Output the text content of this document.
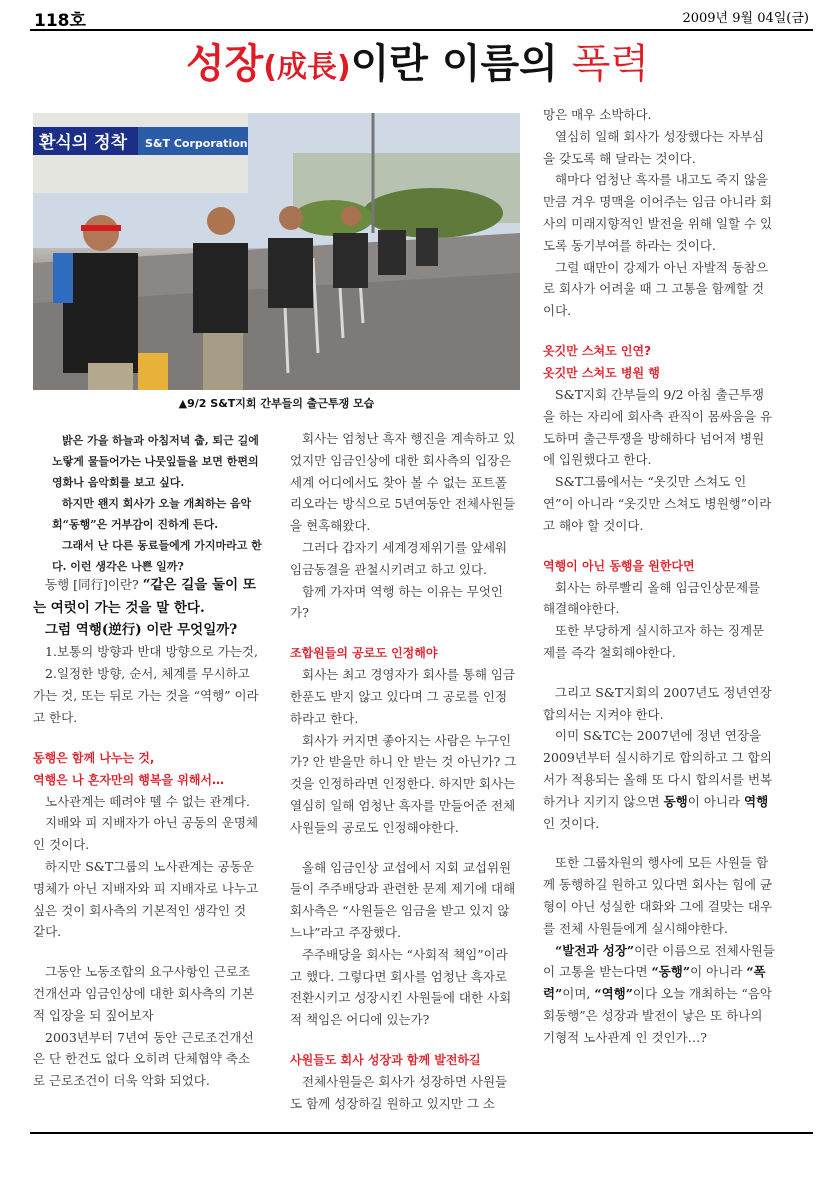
118호	2009년 9월 04일(금)
성장(成長)이란 이름의 폭력
환식의 정착 S&T Corporation
▲9/2 S&T지회 간부들의 출근투쟁 모습

밝은 가을 하늘과 아침저녁 춥, 퇴근 길에 노랗게 물들어가는 나뭇잎들을 보면 한편의 영화나 음악회를 보고 싶다.

하지만 왠지 회사가 오늘 개최하는 음악회“동행”은 거부감이 진하게 든다.

그래서 난 다른 동료들에게 가지마라고 한다. 이런 생각은 나쁜 일까?

동행 [同行]이란? “같은 길을 둘이 또는 여럿이 가는 것을 말 한다.

그럼 역행(逆行) 이란 무엇일까?

1.보통의 방향과 반대 방향으로 가는것,

2.일정한 방향, 순서, 체계를 무시하고 가는 것, 또는 뒤로 가는 것을 “역행” 이라고 한다.

동행은 함께 나누는 것,
역행은 나 혼자만의 행복을 위해서…

노사관계는 떼려야 뗄 수 없는 관계다.

지배와 피 지배자가 아닌 공동의 운명체 인 것이다.

하지만 S&T그룹의 노사관계는 공동운명체가 아닌 지배자와 피 지배자로 나누고 싶은 것이 회사측의 기본적인 생각인 것 같다.

그동안 노동조합의 요구사항인 근로조건개선과 임금인상에 대한 회사측의 기본적 입장을 되 짚어보자

2003년부터 7년여 동안 근로조건개선은 단 한건도 없다 오히려 단체협약 축소로 근로조건이 더욱 악화 되었다.

회사는 엄청난 흑자 행진을 계속하고 있었지만 임금인상에 대한 회사측의 입장은 세계 어디에서도 찾아 볼 수 없는 포트폴리오라는 방식으로 5년여동안 전체사원들을 현혹해왔다.

그러다 갑자기 세계경제위기를 앞세워 임금동결을 관철시키려고 하고 있다.

함께 가자며 역행 하는 이유는 무엇인가?

조합원들의 공로도 인정해야

회사는 최고 경영자가 회사를 통해 임금 한푼도 받지 않고 있다며 그 공로를 인정하라고 한다.

회사가 커지면 좋아지는 사람은 누구인가? 안 받을만 하니 안 받는 것 아닌가? 그것을 인정하라면 인정한다. 하지만 회사는 열심히 일해 엄청난 흑자를 만들어준 전체사원들의 공로도 인정해야한다.

올해 임금인상 교섭에서 지회 교섭위원들이 주주배당과 관련한 문제 제기에 대해 회사측은 “사원들은 임금을 받고 있지 않느냐”라고 주장했다.

주주배당을 회사는 “사회적 책임”이라고 했다. 그렇다면 회사를 엄청난 흑자로 전환시키고 성장시킨 사원들에 대한 사회적 책임은 어디에 있는가?

사원들도 회사 성장과 함께 발전하길

전체사원들은 회사가 성장하면 사원들도 함께 성장하길 원하고 있지만 그 소

망은 매우 소박하다.

열심히 일해 회사가 성장했다는 자부심을 갖도록 해 달라는 것이다.

해마다 엄청난 흑자를 내고도 죽지 않을 만큼 겨우 명맥을 이어주는 임금 아니라 회사의 미래지향적인 발전을 위해 일할 수 있도록 동기부여를 하라는 것이다.

그럴 때만이 강제가 아닌 자발적 동참으로 회사가 어려울 때 그 고통을 함께할 것이다.

옷깃만 스쳐도 인연?
옷깃만 스쳐도 병원 행

S&T지회 간부들의 9/2 아침 출근투쟁을 하는 자리에 회사측 관직이 몸싸움을 유도하며 출근투쟁을 방해하다 넘어져 병원에 입원했다고 한다.

S&T그룹에서는 “옷깃만 스쳐도 인연”이 아니라 “옷깃만 스쳐도 병원행”이라고 해야 할 것이다.

역행이 아닌 동행을 원한다면

회사는 하루빨리 올해 임금인상문제를 해결해야한다.

또한 부당하게 실시하고자 하는 징계문제를 즉각 철회해야한다.

그리고 S&T지회의 2007년도 정년연장 합의서는 지켜야 한다.

이미 S&TC는 2007년에 정년 연장을 2009년부터 실시하기로 합의하고 그 합의서가 적용되는 올해 또 다시 합의서를 번복하거나 지키지 않으면 동행이 아니라 역행 인 것이다.

또한 그룹차원의 행사에 모든 사원들 함께 동행하길 원하고 있다면 회사는 힘에 균형이 아닌 성실한 대화와 그에 걸맞는 대우를 전체 사원들에게 실시해야한다.

“발전과 성장”이란 이름으로 전체사원들이 고통을 받는다면 “동행”이 아니라 “폭력”이며, “역행”이다 오늘 개최하는 “음악회동행”은 성장과 발전이 낳은 또 하나의 기형적 노사관계 인 것인가…?
